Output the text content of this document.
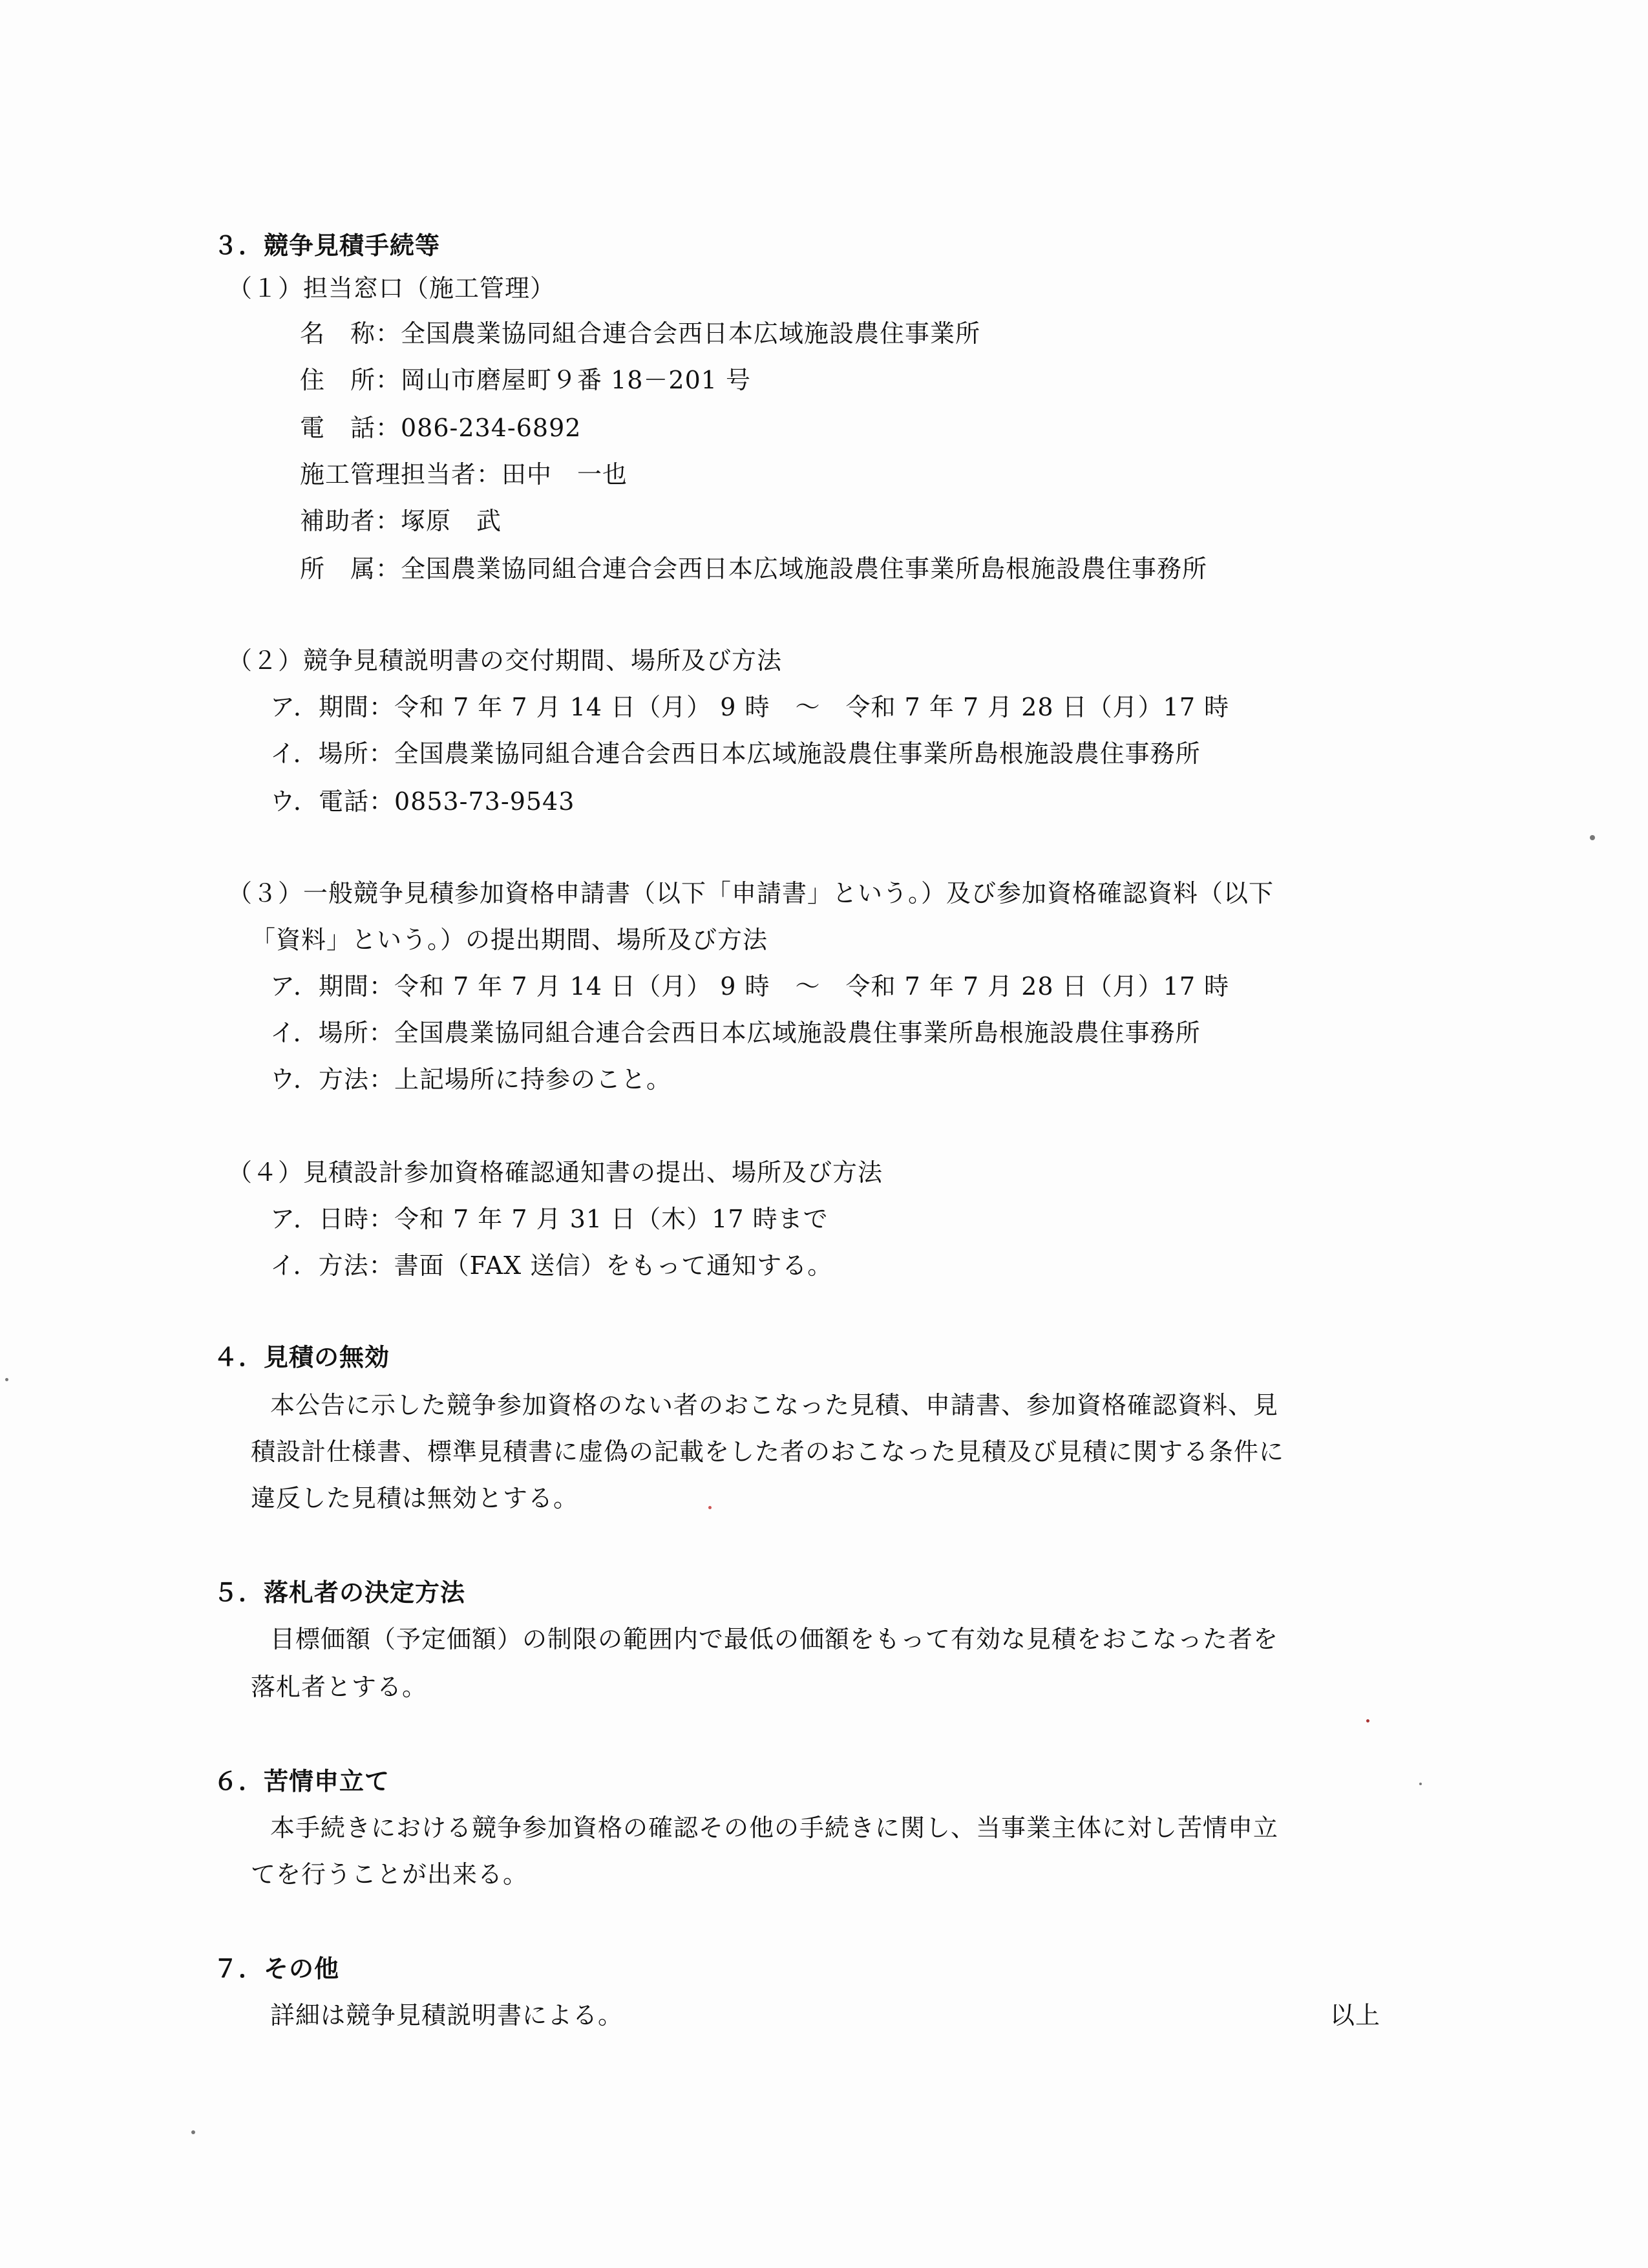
３．競争見積手続等
（１）担当窓口（施工管理）
名　称：全国農業協同組合連合会西日本広域施設農住事業所
住　所：岡山市磨屋町９番 18－201 号
電　話：086-234-6892
施工管理担当者：田中　一也
補助者：塚原　武
所　属：全国農業協同組合連合会西日本広域施設農住事業所島根施設農住事務所
（２）競争見積説明書の交付期間、場所及び方法
ア．期間：令和 7 年 7 月 14 日（月） 9 時　～　令和 7 年 7 月 28 日（月）17 時
イ．場所：全国農業協同組合連合会西日本広域施設農住事業所島根施設農住事務所
ウ．電話：0853-73-9543
（３）一般競争見積参加資格申請書（以下「申請書」という。）及び参加資格確認資料（以下
「資料」という。）の提出期間、場所及び方法
ア．期間：令和 7 年 7 月 14 日（月） 9 時　～　令和 7 年 7 月 28 日（月）17 時
イ．場所：全国農業協同組合連合会西日本広域施設農住事業所島根施設農住事務所
ウ．方法：上記場所に持参のこと。
（４）見積設計参加資格確認通知書の提出、場所及び方法
ア．日時：令和 7 年 7 月 31 日（木）17 時まで
イ．方法：書面（FAX 送信）をもって通知する。
４．見積の無効
本公告に示した競争参加資格のない者のおこなった見積、申請書、参加資格確認資料、見
積設計仕様書、標準見積書に虚偽の記載をした者のおこなった見積及び見積に関する条件に
違反した見積は無効とする。
５．落札者の決定方法
目標価額（予定価額）の制限の範囲内で最低の価額をもって有効な見積をおこなった者を
落札者とする。
６．苦情申立て
本手続きにおける競争参加資格の確認その他の手続きに関し、当事業主体に対し苦情申立
てを行うことが出来る。
７．その他
詳細は競争見積説明書による。	以上
